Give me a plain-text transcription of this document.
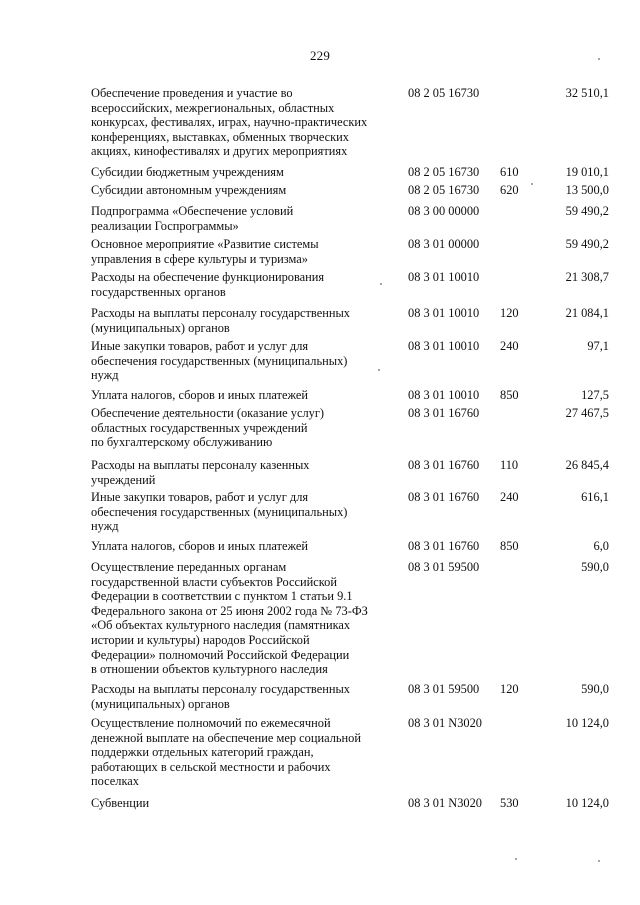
229
Обеспечение проведения и участие во
всероссийских, межрегиональных, областных
конкурсах, фестивалях, играх, научно-практических
конференциях, выставках, обменных творческих
акциях, кинофестивалях и других мероприятиях
08 2 05 16730	32 510,1
Субсидии бюджетным учреждениям	08 2 05 16730 610	19 010,1
Субсидии автономным учреждениям	08 2 05 16730 620	13 500,0
Подпрограмма «Обеспечение условий
реализации Госпрограммы»
08 3 00 00000	59 490,2
Основное мероприятие «Развитие системы
управления в сфере культуры и туризма»
08 3 01 00000	59 490,2
Расходы на обеспечение функционирования
государственных органов
08 3 01 10010	21 308,7
Расходы на выплаты персоналу государственных
(муниципальных) органов
08 3 01 10010 120	21 084,1
Иные закупки товаров, работ и услуг для
обеспечения государственных (муниципальных)
нужд
08 3 01 10010 240	97,1
Уплата налогов, сборов и иных платежей	08 3 01 10010 850	127,5
Обеспечение деятельности (оказание услуг)
областных государственных учреждений
по бухгалтерскому обслуживанию
08 3 01 16760	27 467,5
Расходы на выплаты персоналу казенных
учреждений
08 3 01 16760 110	26 845,4
Иные закупки товаров, работ и услуг для
обеспечения государственных (муниципальных)
нужд
08 3 01 16760 240	616,1
Уплата налогов, сборов и иных платежей	08 3 01 16760 850	6,0
Осуществление переданных органам
государственной власти субъектов Российской
Федерации в соответствии с пунктом 1 статьи 9.1
Федерального закона от 25 июня 2002 года № 73-ФЗ
«Об объектах культурного наследия (памятниках
истории и культуры) народов Российской
Федерации» полномочий Российской Федерации
в отношении объектов культурного наследия
08 3 01 59500	590,0
Расходы на выплаты персоналу государственных
(муниципальных) органов
08 3 01 59500 120	590,0
Осуществление полномочий по ежемесячной
денежной выплате на обеспечение мер социальной
поддержки отдельных категорий граждан,
работающих в сельской местности и рабочих
поселках
08 3 01 N3020	10 124,0
Субвенции	08 3 01 N3020 530	10 124,0
